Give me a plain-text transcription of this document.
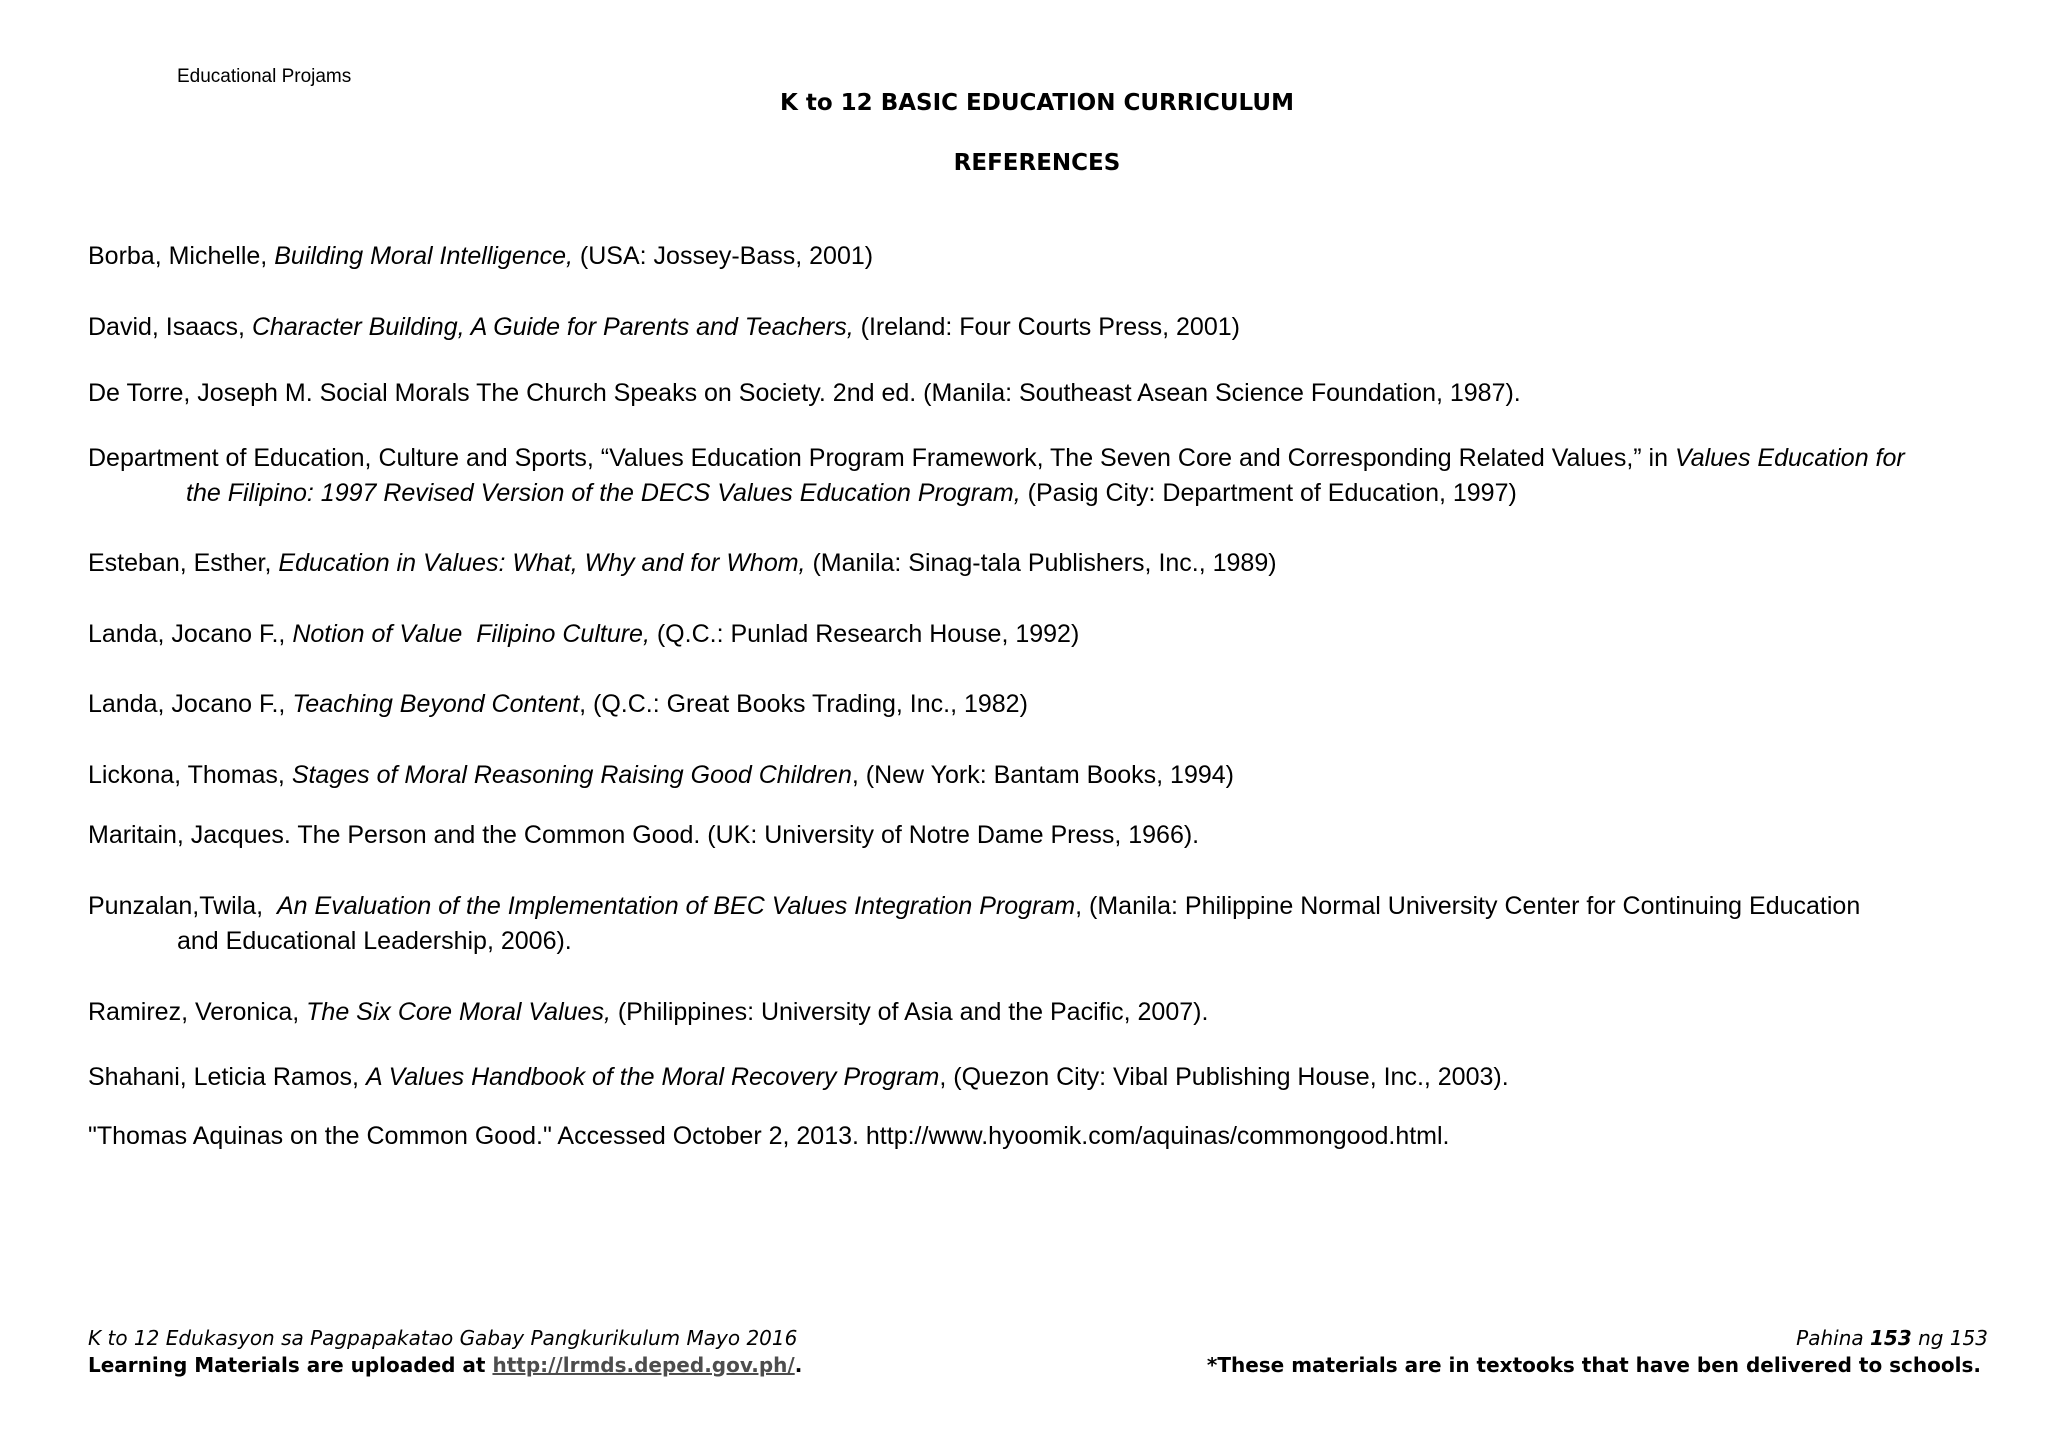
Educational Projams
K to 12 BASIC EDUCATION CURRICULUM
REFERENCES
Borba, Michelle, Building Moral Intelligence, (USA: Jossey-Bass, 2001)
David, Isaacs, Character Building, A Guide for Parents and Teachers, (Ireland: Four Courts Press, 2001)
De Torre, Joseph M. Social Morals The Church Speaks on Society. 2nd ed. (Manila: Southeast Asean Science Foundation, 1987).
Department of Education, Culture and Sports, “Values Education Program Framework, The Seven Core and Corresponding Related Values,” in Values Education for
the Filipino: 1997 Revised Version of the DECS Values Education Program, (Pasig City: Department of Education, 1997)
Esteban, Esther, Education in Values: What, Why and for Whom, (Manila: Sinag-tala Publishers, Inc., 1989)
Landa, Jocano F., Notion of Value  Filipino Culture, (Q.C.: Punlad Research House, 1992)
Landa, Jocano F., Teaching Beyond Content, (Q.C.: Great Books Trading, Inc., 1982)
Lickona, Thomas, Stages of Moral Reasoning Raising Good Children, (New York: Bantam Books, 1994)
Maritain, Jacques. The Person and the Common Good. (UK: University of Notre Dame Press, 1966).
Punzalan,Twila,  An Evaluation of the Implementation of BEC Values Integration Program, (Manila: Philippine Normal University Center for Continuing Education
and Educational Leadership, 2006).
Ramirez, Veronica, The Six Core Moral Values, (Philippines: University of Asia and the Pacific, 2007).
Shahani, Leticia Ramos, A Values Handbook of the Moral Recovery Program, (Quezon City: Vibal Publishing House, Inc., 2003).
"Thomas Aquinas on the Common Good." Accessed October 2, 2013. http://www.hyoomik.com/aquinas/commongood.html.
K to 12 Edukasyon sa Pagpapakatao Gabay Pangkurikulum Mayo 2016
Learning Materials are uploaded at http://lrmds.deped.gov.ph/.
Pahina 153 ng 153
*These materials are in textooks that have ben delivered to schools.
